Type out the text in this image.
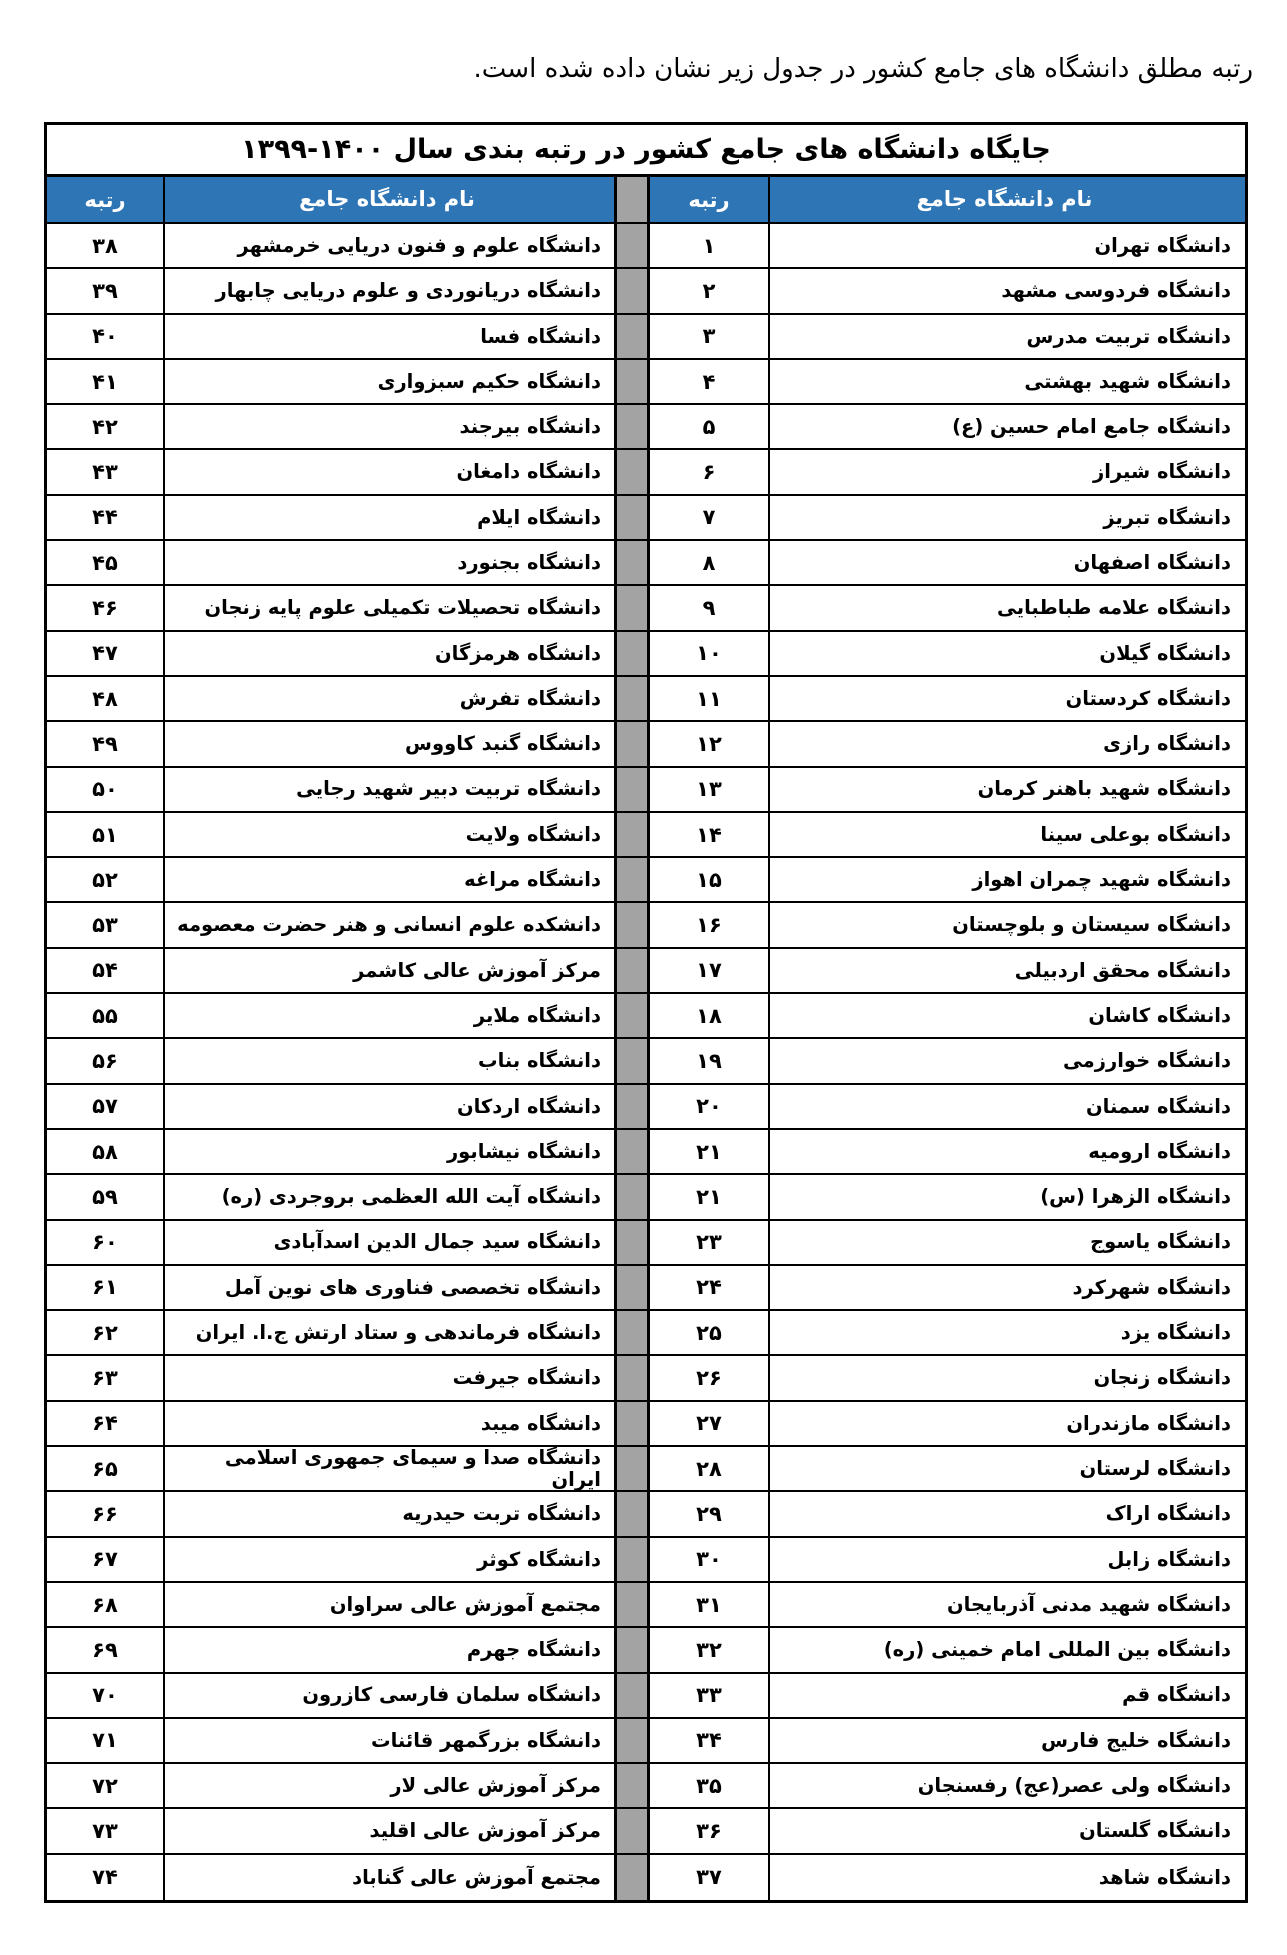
رتبه مطلق دانشگاه های جامع کشور در جدول زیر نشان داده شده است.

جایگاه دانشگاه های جامع کشور در رتبه بندی سال ۱۴۰۰-۱۳۹۹
رتبه	نام دانشگاه جامع	رتبه	نام دانشگاه جامع
۳۸	دانشگاه علوم و فنون دریایی خرمشهر	۱	دانشگاه تهران
۳۹	دانشگاه دریانوردی و علوم دریایی چابهار	۲	دانشگاه فردوسی مشهد
۴۰	دانشگاه فسا	۳	دانشگاه تربیت مدرس
۴۱	دانشگاه حکیم سبزواری	۴	دانشگاه شهید بهشتی
۴۲	دانشگاه بیرجند	۵	دانشگاه جامع امام حسین (ع)
۴۳	دانشگاه دامغان	۶	دانشگاه شیراز
۴۴	دانشگاه ایلام	۷	دانشگاه تبریز
۴۵	دانشگاه بجنورد	۸	دانشگاه اصفهان
۴۶	دانشگاه تحصیلات تکمیلی علوم پایه زنجان	۹	دانشگاه علامه طباطبایی
۴۷	دانشگاه هرمزگان	۱۰	دانشگاه گیلان
۴۸	دانشگاه تفرش	۱۱	دانشگاه کردستان
۴۹	دانشگاه گنبد کاووس	۱۲	دانشگاه رازی
۵۰	دانشگاه تربیت دبیر شهید رجایی	۱۳	دانشگاه شهید باهنر کرمان
۵۱	دانشگاه ولایت	۱۴	دانشگاه بوعلی سینا
۵۲	دانشگاه مراغه	۱۵	دانشگاه شهید چمران اهواز
۵۳	دانشکده علوم انسانی و هنر حضرت معصومه	۱۶	دانشگاه سیستان و بلوچستان
۵۴	مرکز آموزش عالی کاشمر	۱۷	دانشگاه محقق اردبیلی
۵۵	دانشگاه ملایر	۱۸	دانشگاه کاشان
۵۶	دانشگاه بناب	۱۹	دانشگاه خوارزمی
۵۷	دانشگاه اردکان	۲۰	دانشگاه سمنان
۵۸	دانشگاه نیشابور	۲۱	دانشگاه ارومیه
۵۹	دانشگاه آیت الله العظمی بروجردی (ره)	۲۱	دانشگاه الزهرا (س)
۶۰	دانشگاه سید جمال الدین اسدآبادی	۲۳	دانشگاه یاسوج
۶۱	دانشگاه تخصصی فناوری های نوین آمل	۲۴	دانشگاه شهرکرد
۶۲	دانشگاه فرماندهی و ستاد ارتش ج.ا. ایران	۲۵	دانشگاه یزد
۶۳	دانشگاه جیرفت	۲۶	دانشگاه زنجان
۶۴	دانشگاه میبد	۲۷	دانشگاه مازندران
۶۵	دانشگاه صدا و سیمای جمهوری اسلامی ایران	۲۸	دانشگاه لرستان
۶۶	دانشگاه تربت حیدریه	۲۹	دانشگاه اراک
۶۷	دانشگاه کوثر	۳۰	دانشگاه زابل
۶۸	مجتمع آموزش عالی سراوان	۳۱	دانشگاه شهید مدنی آذربایجان
۶۹	دانشگاه جهرم	۳۲	دانشگاه بین المللی امام خمینی (ره)
۷۰	دانشگاه سلمان فارسی کازرون	۳۳	دانشگاه قم
۷۱	دانشگاه بزرگمهر قائنات	۳۴	دانشگاه خلیج فارس
۷۲	مرکز آموزش عالی لار	۳۵	دانشگاه ولی عصر(عج) رفسنجان
۷۳	مرکز آموزش عالی اقلید	۳۶	دانشگاه گلستان
۷۴	مجتمع آموزش عالی گناباد	۳۷	دانشگاه شاهد
